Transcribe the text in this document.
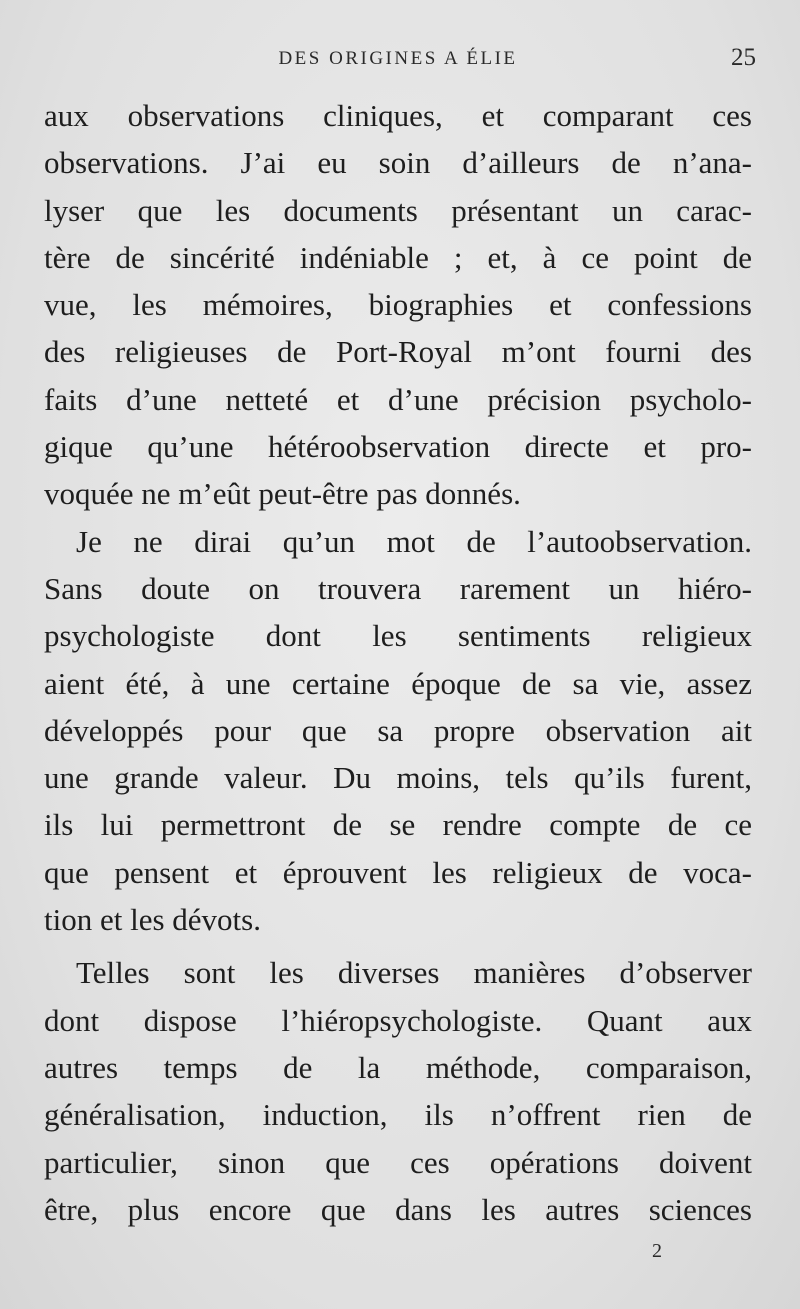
DES ORIGINES A ÉLIE	25
aux observations cliniques, et comparant ces
observations. J’ai eu soin d’ailleurs de n’ana-
lyser que les documents présentant un carac-
tère de sincérité indéniable ; et, à ce point de
vue, les mémoires, biographies et confessions
des religieuses de Port-Royal m’ont fourni des
faits d’une netteté et d’une précision psycholo-
gique qu’une hétéroobservation directe et pro-
voquée ne m’eût peut-être pas donnés.
Je ne dirai qu’un mot de l’autoobservation.
Sans doute on trouvera rarement un hiéro-
psychologiste dont les sentiments religieux
aient été, à une certaine époque de sa vie, assez
développés pour que sa propre observation ait
une grande valeur. Du moins, tels qu’ils furent,
ils lui permettront de se rendre compte de ce
que pensent et éprouvent les religieux de voca-
tion et les dévots.
Telles sont les diverses manières d’observer
dont dispose l’hiéropsychologiste. Quant aux
autres temps de la méthode, comparaison,
généralisation, induction, ils n’offrent rien de
particulier, sinon que ces opérations doivent
être, plus encore que dans les autres sciences
2
